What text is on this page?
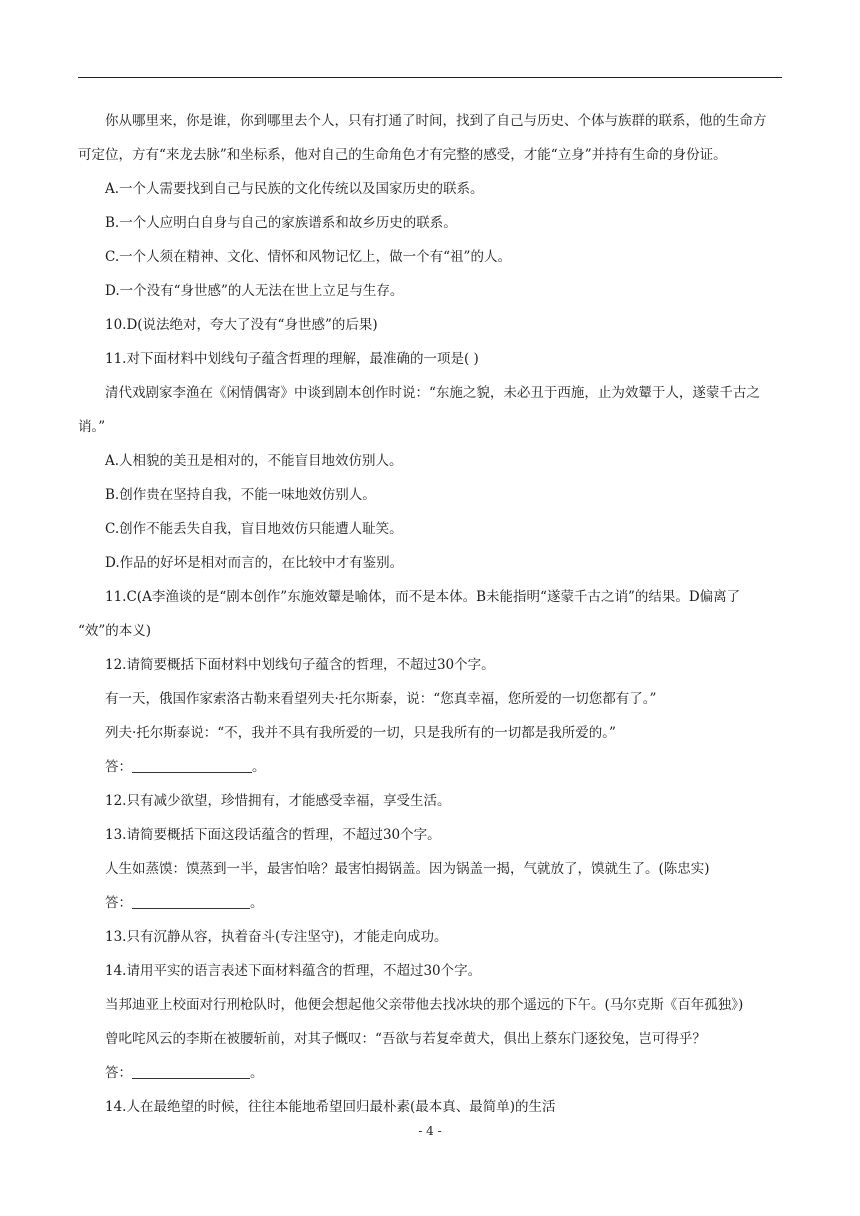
你从哪里来，你是谁，你到哪里去个人，只有打通了时间，找到了自己与历史、个体与族群的联系，他的生命方
可定位，方有“来龙去脉”和坐标系，他对自己的生命角色才有完整的感受，才能“立身”并持有生命的身份证。
A.一个人需要找到自己与民族的文化传统以及国家历史的联系。
B.一个人应明白自身与自己的家族谱系和故乡历史的联系。
C.一个人须在精神、文化、情怀和风物记忆上，做一个有“祖”的人。
D.一个没有“身世感”的人无法在世上立足与生存。
10.D(说法绝对，夸大了没有“身世感”的后果)
11.对下面材料中划线句子蕴含哲理的理解，最准确的一项是( )
清代戏剧家李渔在《闲情偶寄》中谈到剧本创作时说：“东施之貌，未必丑于西施，止为效颦于人，遂蒙千古之
诮。”
A.人相貌的美丑是相对的，不能盲目地效仿别人。
B.创作贵在坚持自我，不能一味地效仿别人。
C.创作不能丢失自我，盲目地效仿只能遭人耻笑。
D.作品的好坏是相对而言的，在比较中才有鉴别。
11.C(A李渔谈的是“剧本创作”东施效颦是喻体，而不是本体。B未能指明“遂蒙千古之诮”的结果。D偏离了
“效”的本义)
12.请简要概括下面材料中划线句子蕴含的哲理，不超过30个字。
有一天，俄国作家索洛古勒来看望列夫·托尔斯泰，说：“您真幸福，您所爱的一切您都有了。”
列夫·托尔斯泰说：“不，我并不具有我所爱的一切，只是我所有的一切都是我所爱的。”
答：	。
12.只有减少欲望，珍惜拥有，才能感受幸福，享受生活。
13.请简要概括下面这段话蕴含的哲理，不超过30个字。
人生如蒸馍：馍蒸到一半，最害怕啥？最害怕揭锅盖。因为锅盖一揭，气就放了，馍就生了。(陈忠实)
答：	。
13.只有沉静从容，执着奋斗(专注坚守)，才能走向成功。
14.请用平实的语言表述下面材料蕴含的哲理，不超过30个字。
当邦迪亚上校面对行刑枪队时，他便会想起他父亲带他去找冰块的那个遥远的下午。(马尔克斯《百年孤独》)
曾叱咤风云的李斯在被腰斩前，对其子慨叹：“吾欲与若复牵黄犬，俱出上蔡东门逐狡兔，岂可得乎？
答：	。
14.人在最绝望的时候，往往本能地希望回归最朴素(最本真、最简单)的生活
- 4 -
